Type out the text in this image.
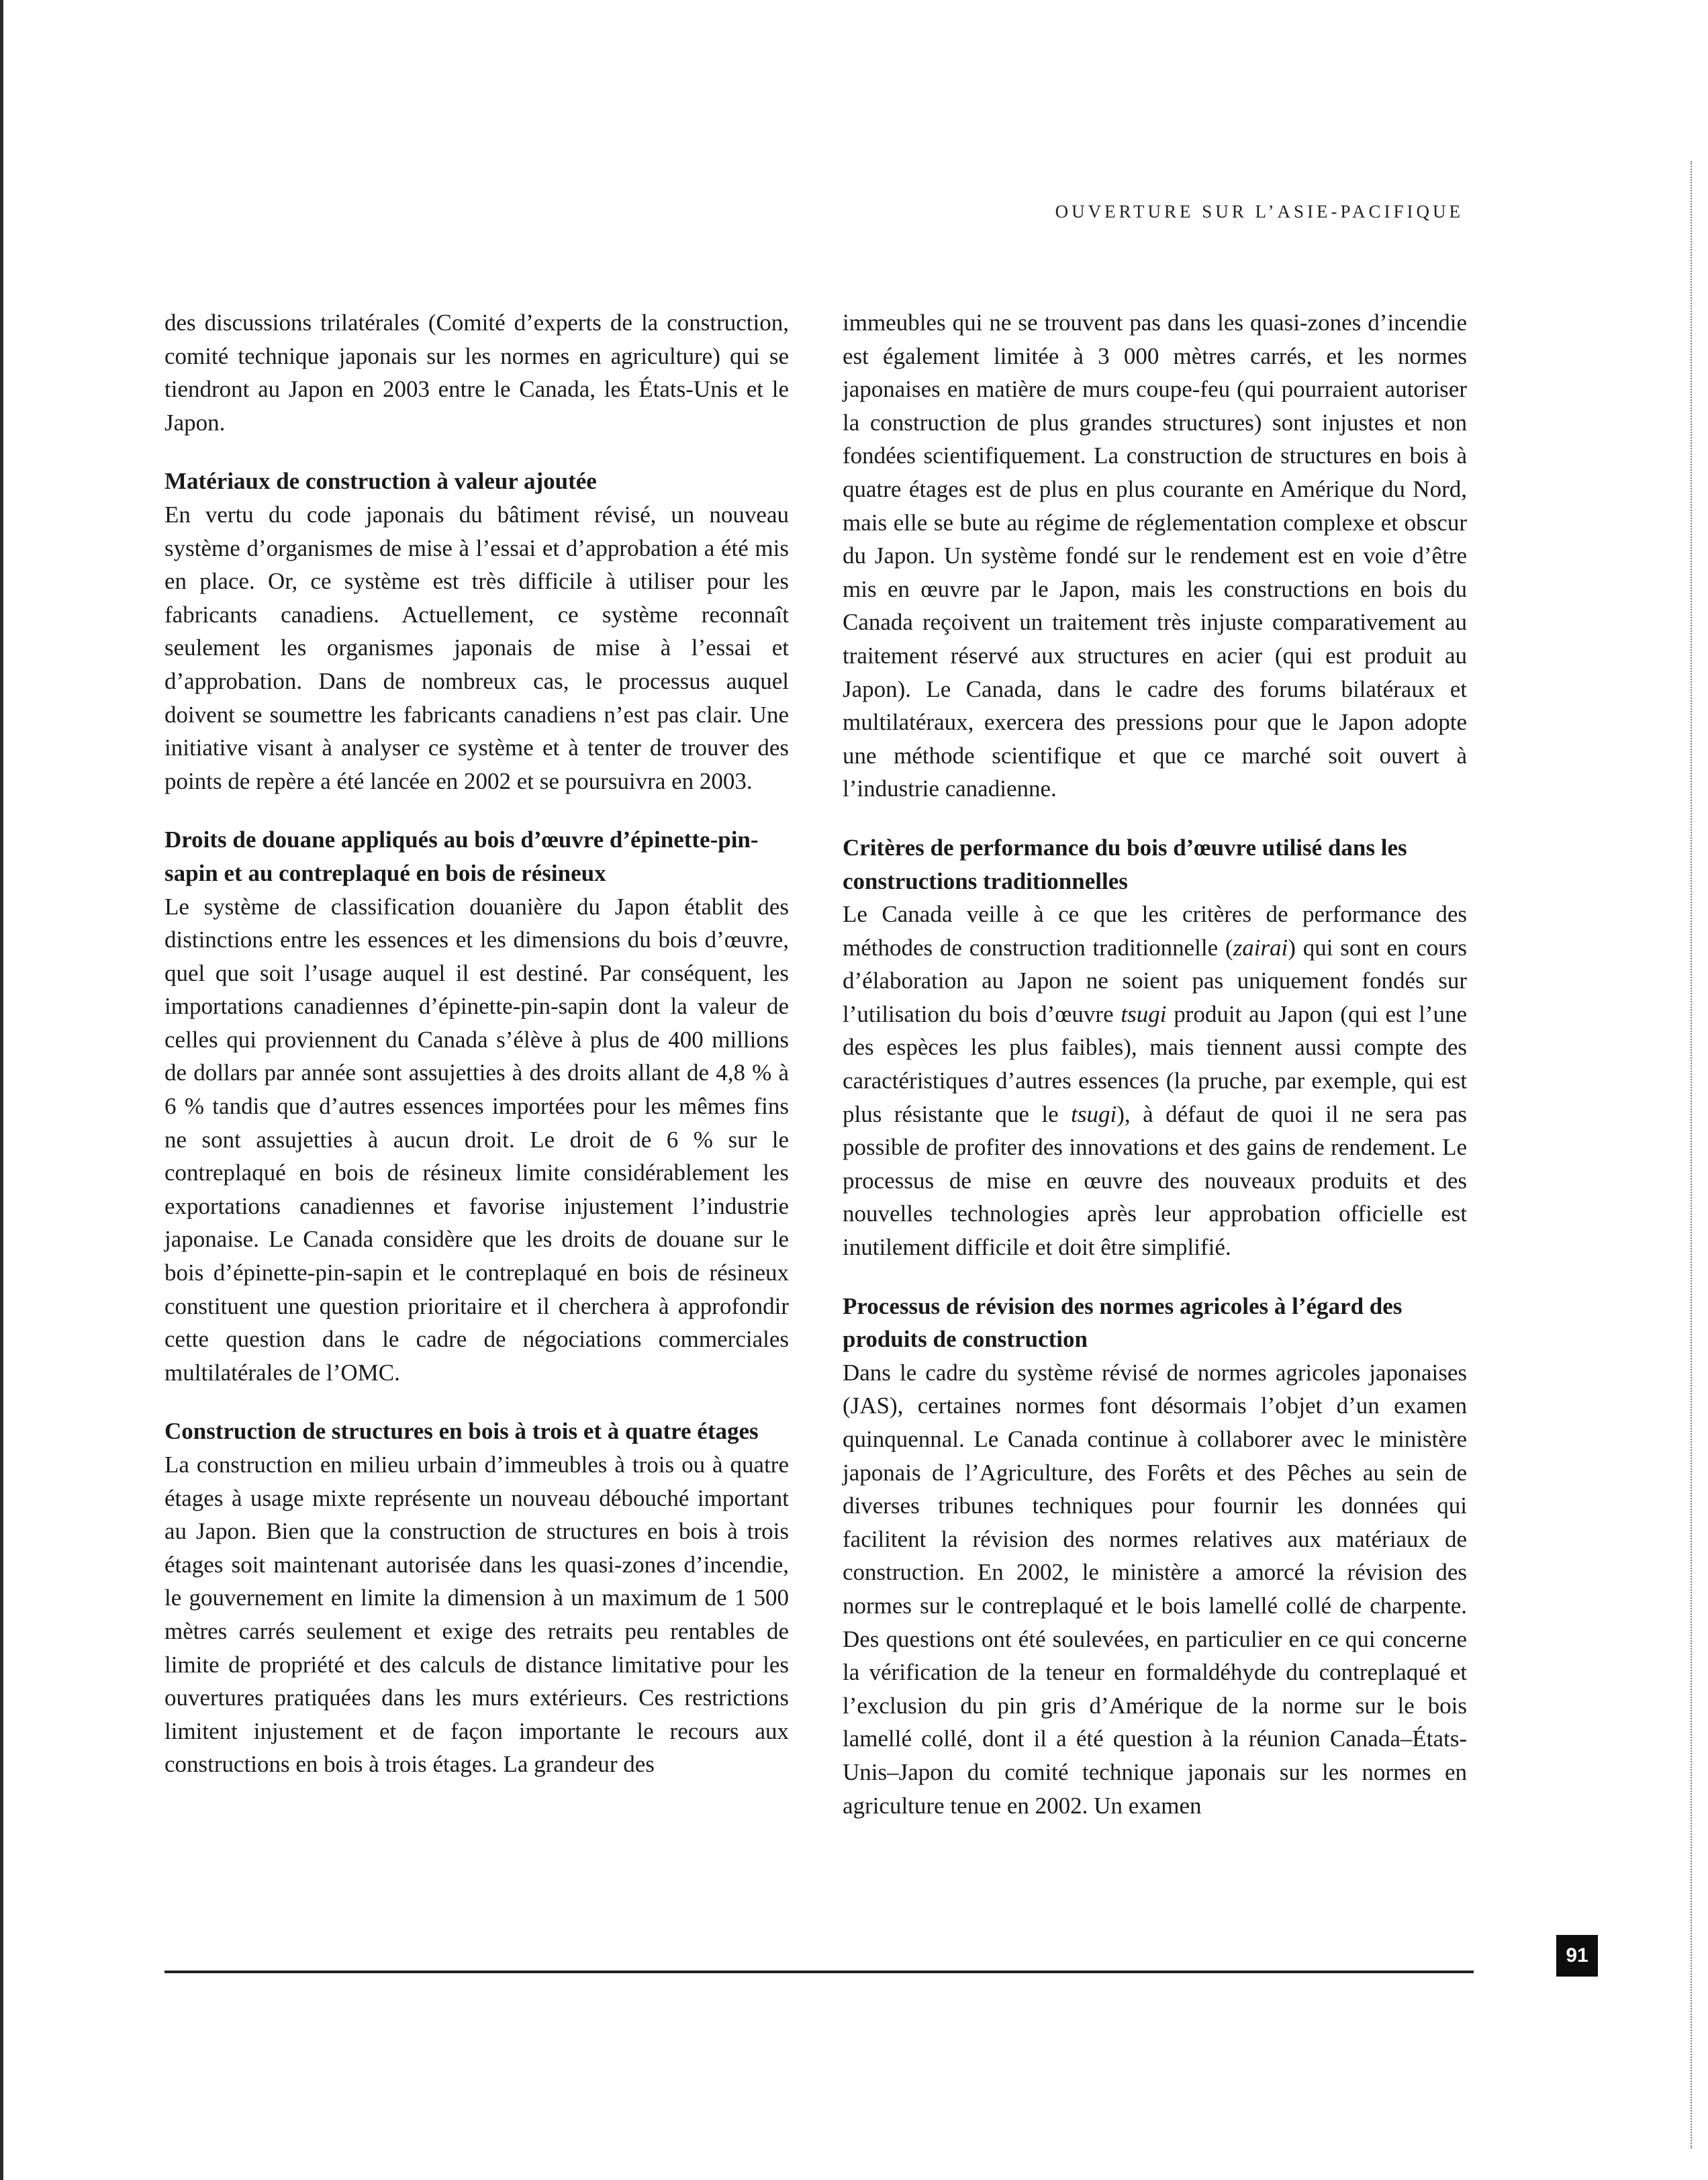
OUVERTURE SUR L’ASIE-PACIFIQUE

des discussions trilatérales (Comité d’experts de la construction, comité technique japonais sur les normes en agriculture) qui se tiendront au Japon en 2003 entre le Canada, les États-Unis et le Japon.

Matériaux de construction à valeur ajoutée

En vertu du code japonais du bâtiment révisé, un nouveau système d’organismes de mise à l’essai et d’approbation a été mis en place. Or, ce système est très difficile à utiliser pour les fabricants canadiens. Actuellement, ce système reconnaît seulement les organismes japonais de mise à l’essai et d’approbation. Dans de nombreux cas, le processus auquel doivent se soumettre les fabricants canadiens n’est pas clair. Une initiative visant à analyser ce système et à tenter de trouver des points de repère a été lancée en 2002 et se poursuivra en 2003.

Droits de douane appliqués au bois d’œuvre d’épinette-pin-sapin et au contreplaqué en bois de résineux

Le système de classification douanière du Japon établit des distinctions entre les essences et les dimensions du bois d’œuvre, quel que soit l’usage auquel il est destiné. Par conséquent, les importations canadiennes d’épinette-pin-sapin dont la valeur de celles qui proviennent du Canada s’élève à plus de 400 millions de dollars par année sont assujetties à des droits allant de 4,8 % à 6 % tandis que d’autres essences importées pour les mêmes fins ne sont assujetties à aucun droit. Le droit de 6 % sur le contreplaqué en bois de résineux limite considérablement les exportations canadiennes et favorise injustement l’industrie japonaise. Le Canada considère que les droits de douane sur le bois d’épinette-pin-sapin et le contreplaqué en bois de résineux constituent une question prioritaire et il cherchera à approfondir cette question dans le cadre de négociations commerciales multilatérales de l’OMC.

Construction de structures en bois à trois et à quatre étages

La construction en milieu urbain d’immeubles à trois ou à quatre étages à usage mixte représente un nouveau débouché important au Japon. Bien que la construction de structures en bois à trois étages soit maintenant autorisée dans les quasi-zones d’incendie, le gouvernement en limite la dimension à un maximum de 1 500 mètres carrés seulement et exige des retraits peu rentables de limite de propriété et des calculs de distance limitative pour les ouvertures pratiquées dans les murs extérieurs. Ces restrictions limitent injustement et de façon importante le recours aux constructions en bois à trois étages. La grandeur des

immeubles qui ne se trouvent pas dans les quasi-zones d’incendie est également limitée à 3 000 mètres carrés, et les normes japonaises en matière de murs coupe-feu (qui pourraient autoriser la construction de plus grandes structures) sont injustes et non fondées scientifiquement. La construction de structures en bois à quatre étages est de plus en plus courante en Amérique du Nord, mais elle se bute au régime de réglementation complexe et obscur du Japon. Un système fondé sur le rendement est en voie d’être mis en œuvre par le Japon, mais les constructions en bois du Canada reçoivent un traitement très injuste comparativement au traitement réservé aux structures en acier (qui est produit au Japon). Le Canada, dans le cadre des forums bilatéraux et multilatéraux, exercera des pressions pour que le Japon adopte une méthode scientifique et que ce marché soit ouvert à l’industrie canadienne.

Critères de performance du bois d’œuvre utilisé dans les constructions traditionnelles

Le Canada veille à ce que les critères de performance des méthodes de construction traditionnelle (zairai) qui sont en cours d’élaboration au Japon ne soient pas uniquement fondés sur l’utilisation du bois d’œuvre tsugi produit au Japon (qui est l’une des espèces les plus faibles), mais tiennent aussi compte des caractéristiques d’autres essences (la pruche, par exemple, qui est plus résistante que le tsugi), à défaut de quoi il ne sera pas possible de profiter des innovations et des gains de rendement. Le processus de mise en œuvre des nouveaux produits et des nouvelles technologies après leur approbation officielle est inutilement difficile et doit être simplifié.

Processus de révision des normes agricoles à l’égard des produits de construction

Dans le cadre du système révisé de normes agricoles japonaises (JAS), certaines normes font désormais l’objet d’un examen quinquennal. Le Canada continue à collaborer avec le ministère japonais de l’Agriculture, des Forêts et des Pêches au sein de diverses tribunes techniques pour fournir les données qui facilitent la révision des normes relatives aux matériaux de construction. En 2002, le ministère a amorcé la révision des normes sur le contreplaqué et le bois lamellé collé de charpente. Des questions ont été soulevées, en particulier en ce qui concerne la vérification de la teneur en formaldéhyde du contreplaqué et l’exclusion du pin gris d’Amérique de la norme sur le bois lamellé collé, dont il a été question à la réunion Canada–États-Unis–Japon du comité technique japonais sur les normes en agriculture tenue en 2002. Un examen

91
